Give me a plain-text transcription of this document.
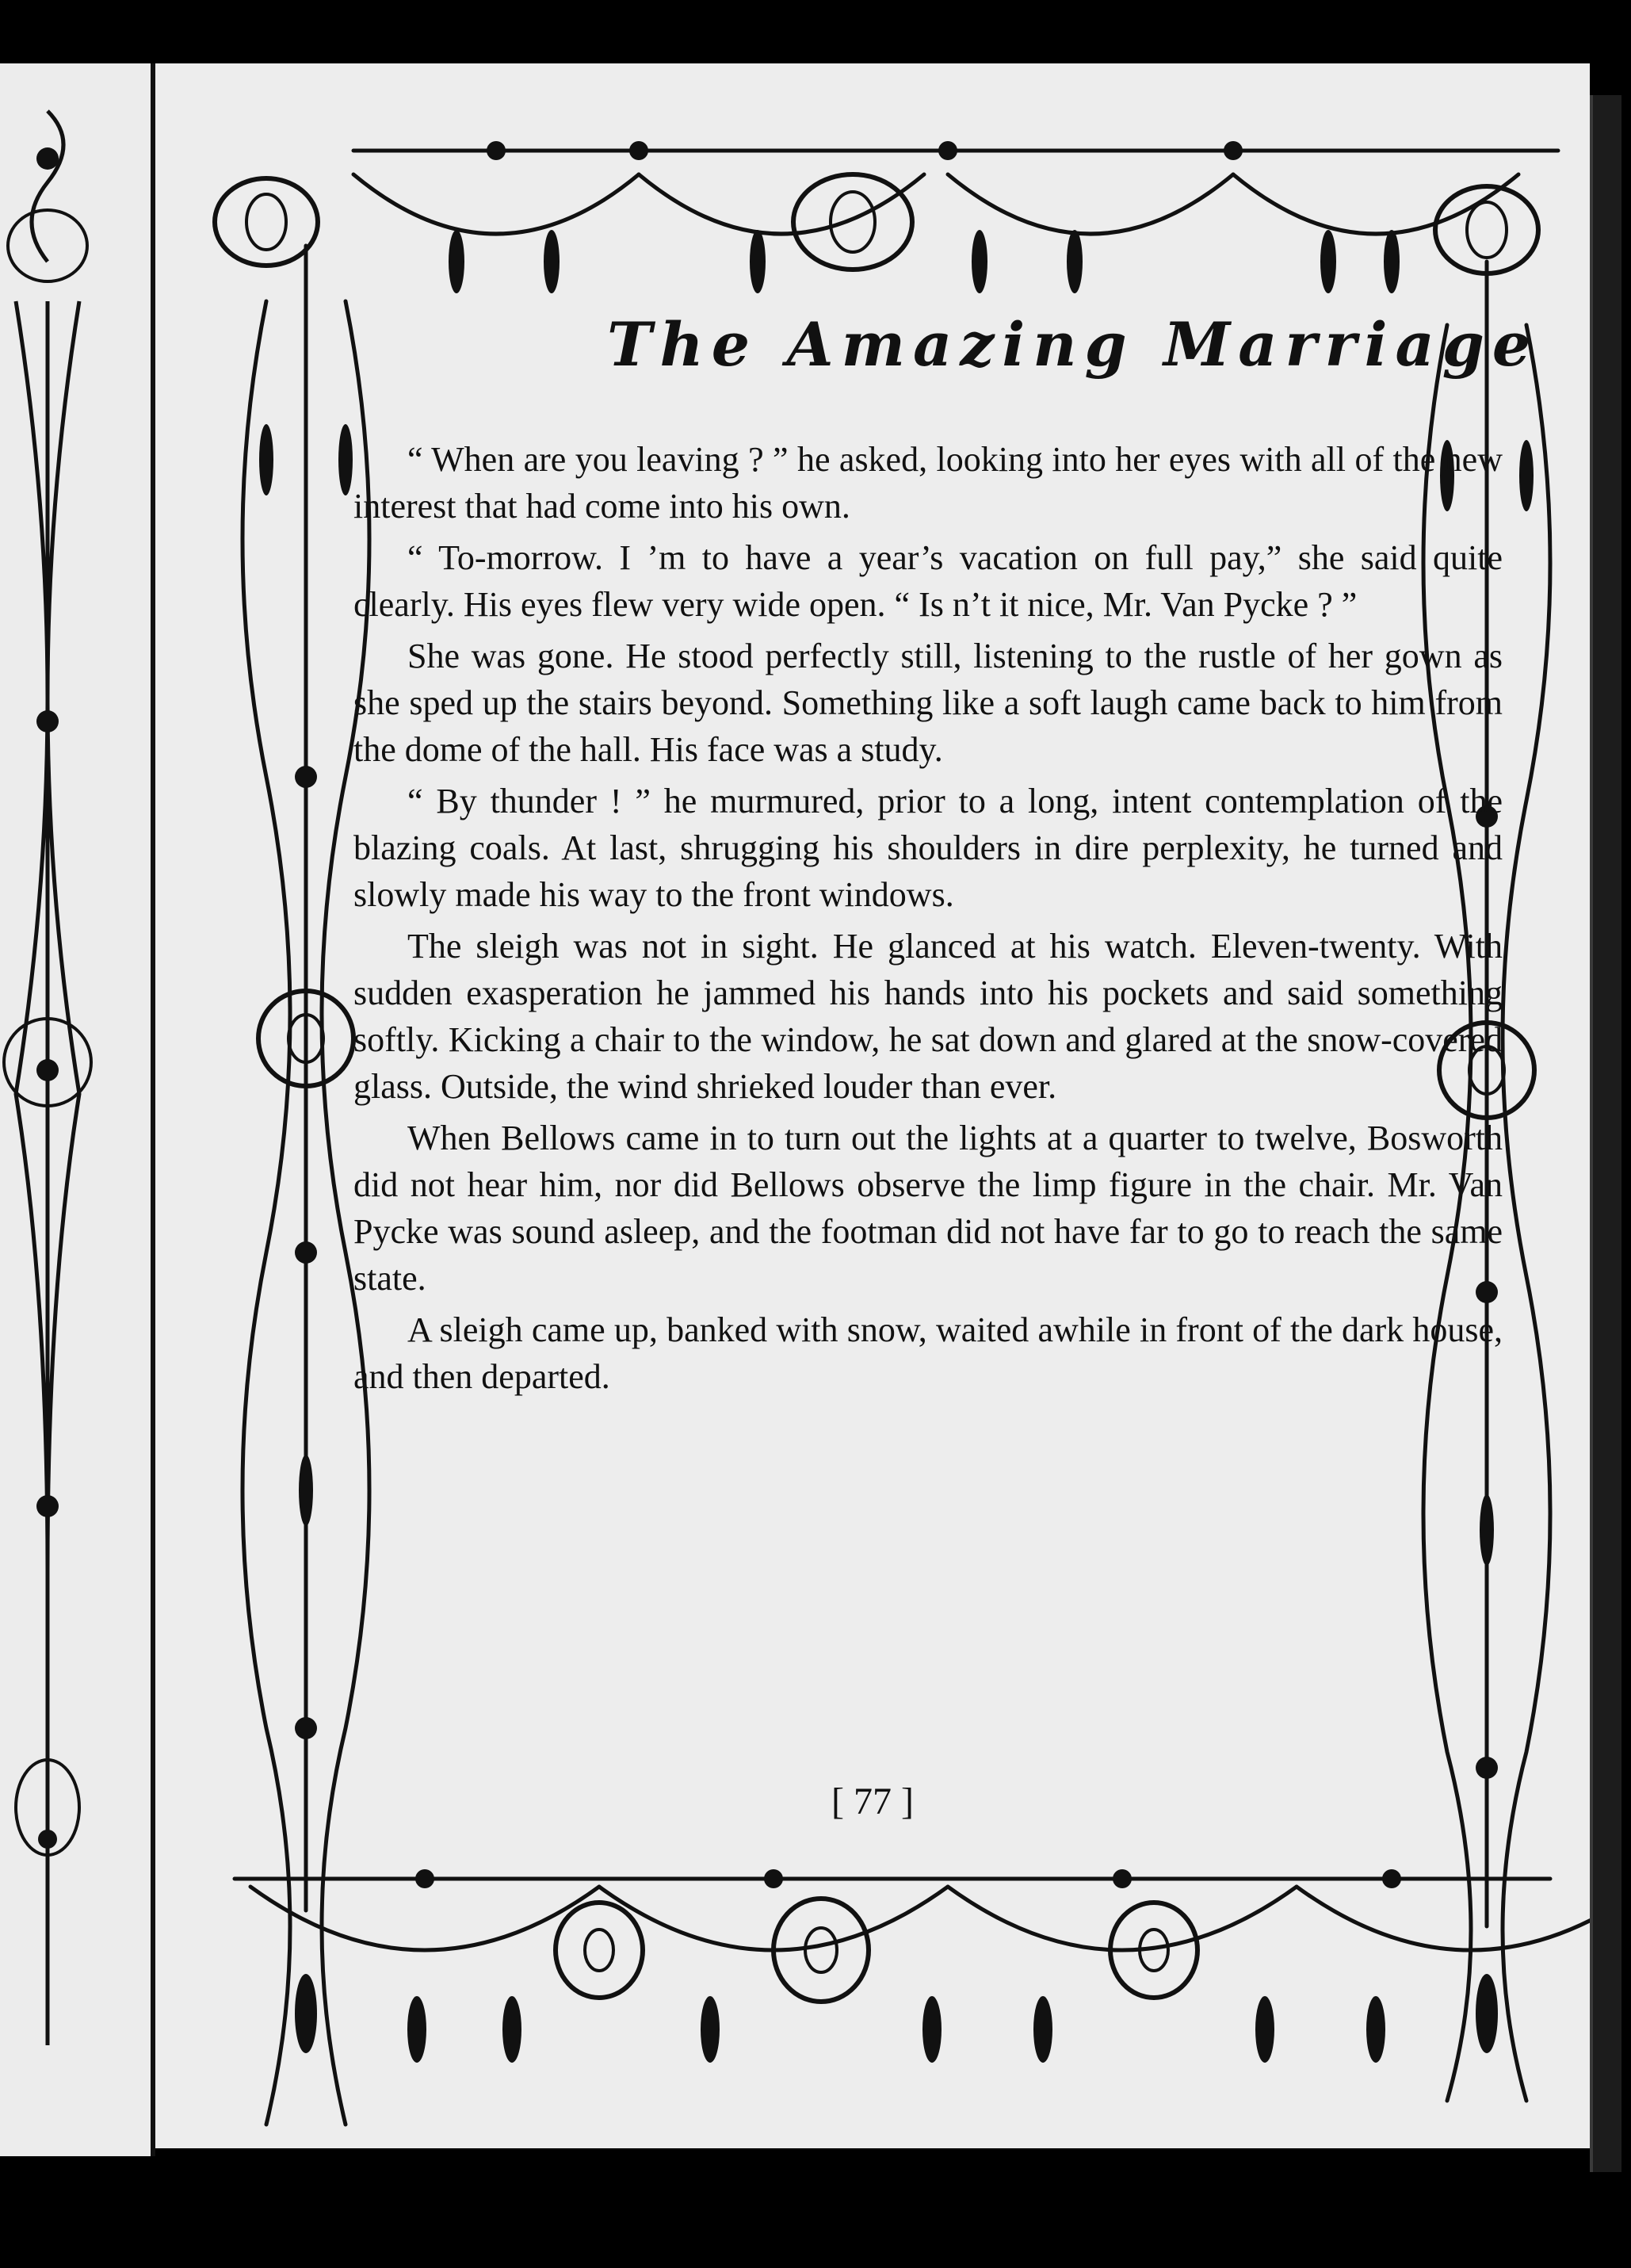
The Amazing Marriage

“ When are you leaving ? ” he asked, looking into her eyes with all of the new interest that had come into his own.

“ To-morrow. I ’m to have a year’s vacation on full pay,” she said quite clearly. His eyes flew very wide open. “ Is n’t it nice, Mr. Van Pycke ? ”

She was gone. He stood perfectly still, listening to the rustle of her gown as she sped up the stairs beyond. Something like a soft laugh came back to him from the dome of the hall. His face was a study.

“ By thunder ! ” he murmured, prior to a long, intent contemplation of the blazing coals. At last, shrugging his shoulders in dire perplexity, he turned and slowly made his way to the front windows.

The sleigh was not in sight. He glanced at his watch. Eleven-twenty. With sudden exasperation he jammed his hands into his pockets and said something softly. Kicking a chair to the window, he sat down and glared at the snow-covered glass. Outside, the wind shrieked louder than ever.

When Bellows came in to turn out the lights at a quarter to twelve, Bosworth did not hear him, nor did Bellows observe the limp figure in the chair. Mr. Van Pycke was sound asleep, and the footman did not have far to go to reach the same state.

A sleigh came up, banked with snow, waited awhile in front of the dark house, and then departed.

[ 77 ]
